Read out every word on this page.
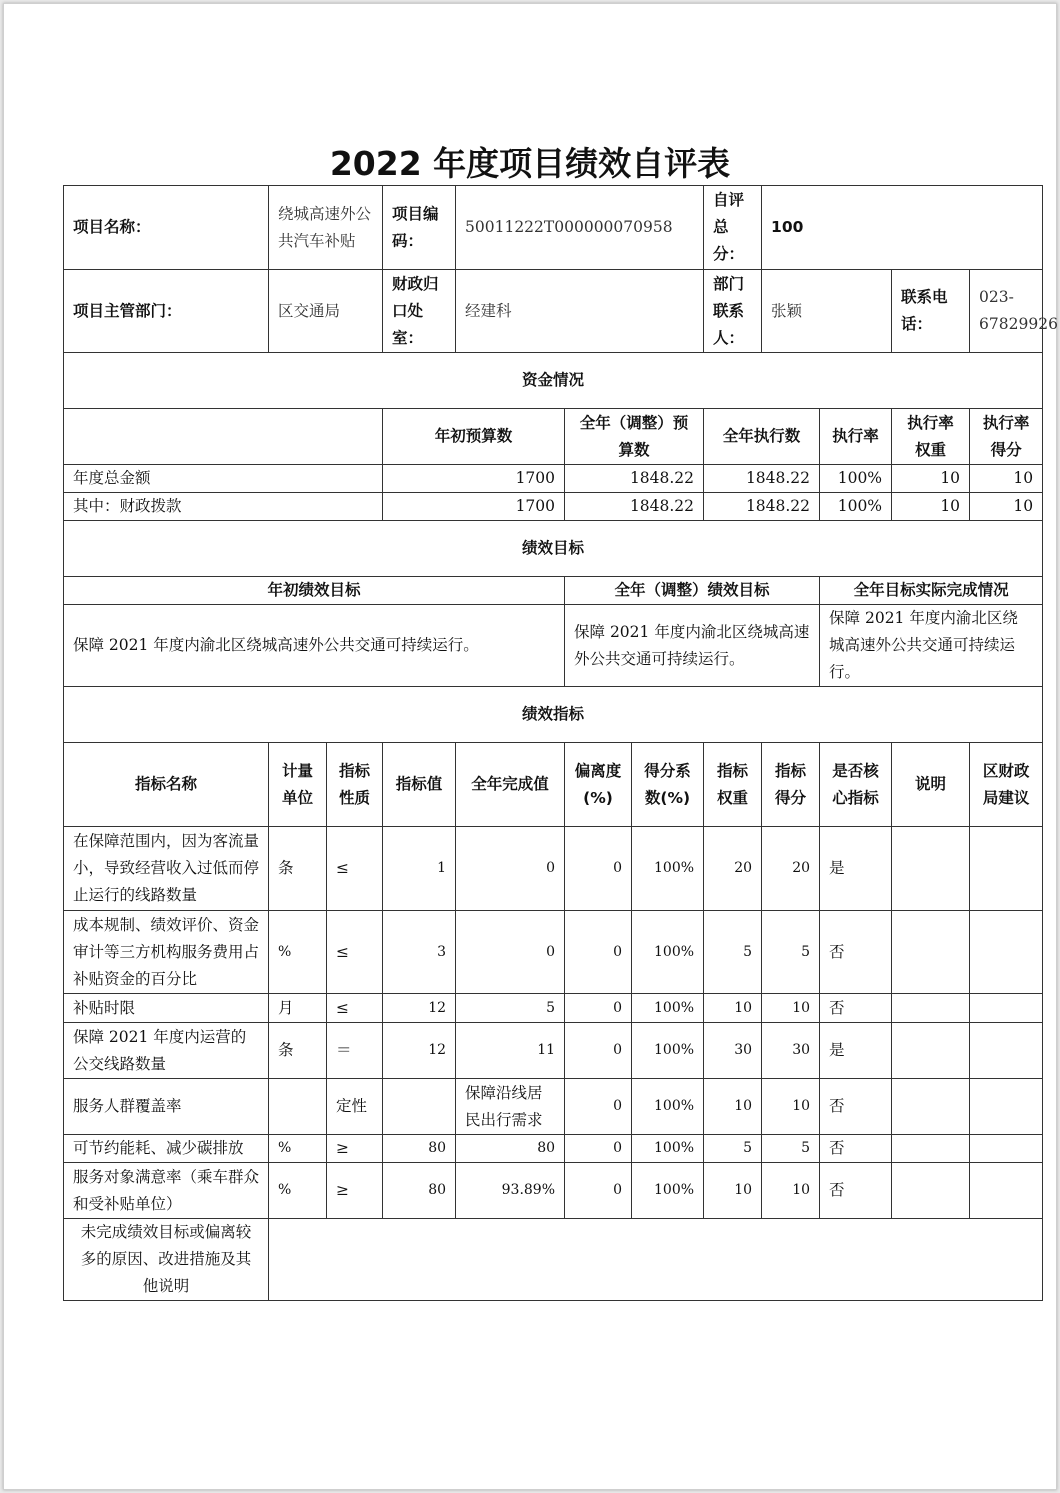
2022 年度项目绩效自评表
项目名称：	绕城高速外公共汽车补贴		项目编码：	50011222T000000070958			自评总分：	100			
项目主管部门：	区交通局		财政归口处室：	经建科			部门联系人：	张颖		联系电话：	023-67829926
资金情况											
			年初预算数		全年（调整）预算数		全年执行数		执行率	执行率权重	执行率得分
年度总金额			1700		1848.22		1848.22		100%	10	10
其中：财政拨款			1700		1848.22		1848.22		100%	10	10
绩效目标											
年初绩效目标					全年（调整）绩效目标				全年目标实际完成情况		
保障 2021 年度内渝北区绕城高速外公共交通可持续运行。					保障 2021 年度内渝北区绕城高速外公共交通可持续运行。				保障 2021 年度内渝北区绕城高速外公共交通可持续运行。		
绩效指标											
指标名称	计量单位	指标性质	指标值	全年完成值	偏离度(%)	得分系数(%)	指标权重	指标得分	是否核心指标	说明	区财政局建议
在保障范围内，因为客流量小，导致经营收入过低而停止运行的线路数量	条	≤	1	0	0	100%	20	20	是		
成本规制、绩效评价、资金审计等三方机构服务费用占补贴资金的百分比	%	≤	3	0	0	100%	5	5	否		
补贴时限	月	≤	12	5	0	100%	10	10	否		
保障 2021 年度内运营的公交线路数量	条	＝	12	11	0	100%	30	30	是		
服务人群覆盖率		定性		保障沿线居民出行需求	0	100%	10	10	否		
可节约能耗、减少碳排放	%	≥	80	80	0	100%	5	5	否		
服务对象满意率（乘车群众和受补贴单位）	%	≥	80	93.89%	0	100%	10	10	否		
未完成绩效目标或偏离较多的原因、改进措施及其他说明											
